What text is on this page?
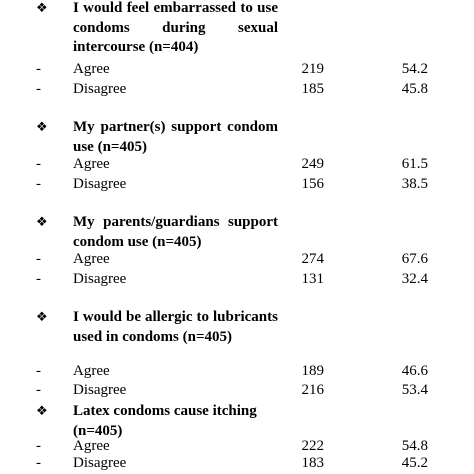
❖ I would feel embarrassed to use condoms during sexual intercourse (n=404)
- Agree	219	54.2
- Disagree	185	45.8
❖ My partner(s) support condom use (n=405)
- Agree	249	61.5
- Disagree	156	38.5
❖ My parents/guardians support condom use (n=405)
- Agree	274	67.6
- Disagree	131	32.4
❖ I would be allergic to lubricants used in condoms (n=405)
- Agree	189	46.6
- Disagree	216	53.4
❖ Latex condoms cause itching (n=405)
- Agree	222	54.8
- Disagree	183	45.2
